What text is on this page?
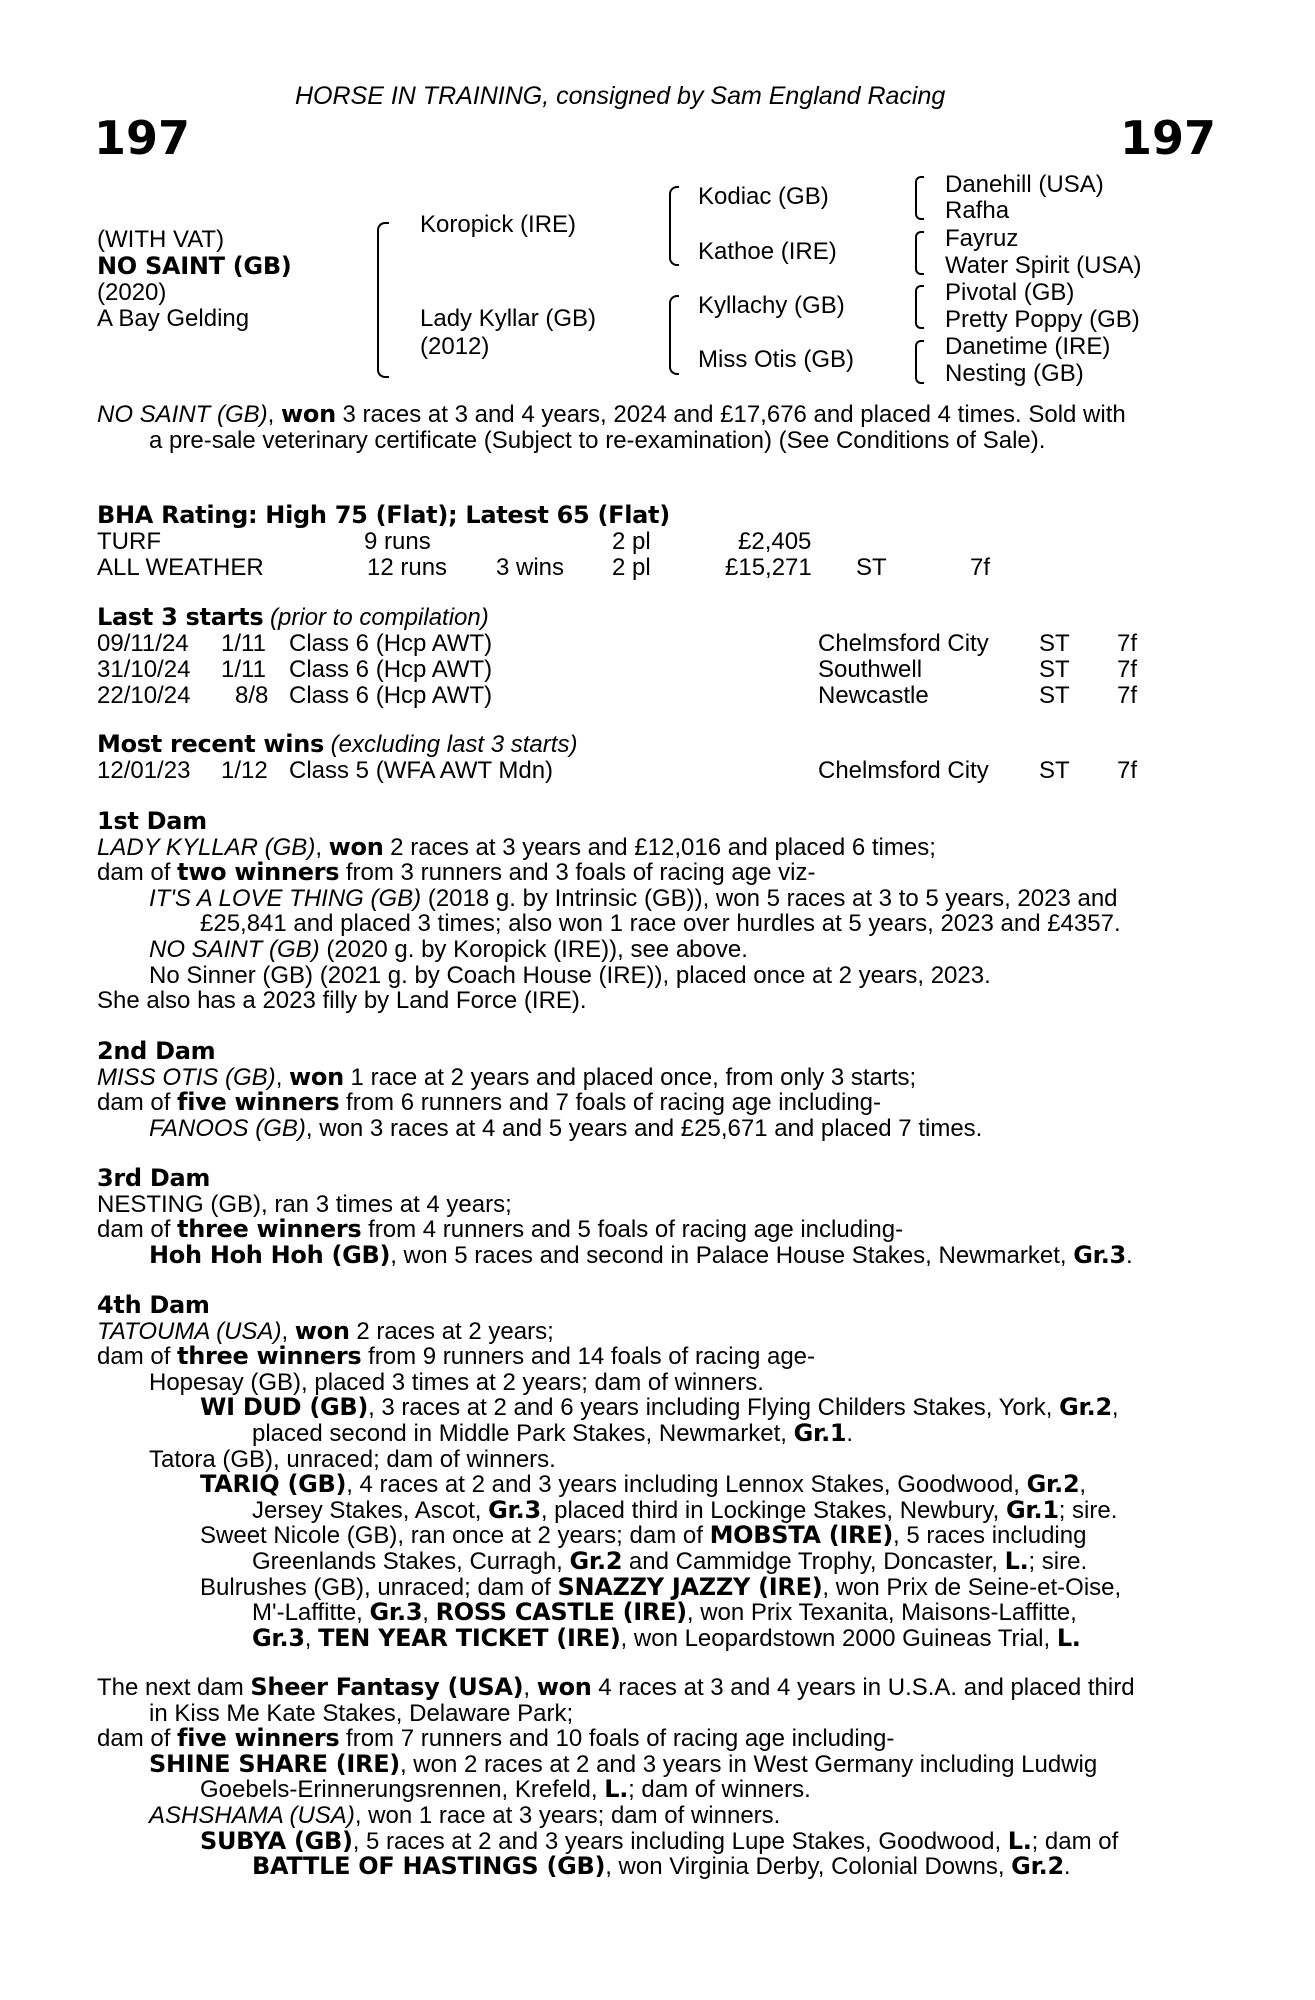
HORSE IN TRAINING, consigned by Sam England Racing
197	197
(WITH VAT)
NO SAINT (GB)
(2020)
A Bay Gelding
Koropick (IRE)
Lady Kyllar (GB)
(2012)
Kodiac (GB)
Kathoe (IRE)
Kyllachy (GB)
Miss Otis (GB)
Danehill (USA)
Rafha
Fayruz
Water Spirit (USA)
Pivotal (GB)
Pretty Poppy (GB)
Danetime (IRE)
Nesting (GB)
NO SAINT (GB), won 3 races at 3 and 4 years, 2024 and £17,676 and placed 4 times. Sold with
a pre-sale veterinary certificate (Subject to re-examination) (See Conditions of Sale).
BHA Rating: High 75 (Flat); Latest 65 (Flat)
TURF	9 runs	2 pl	£2,405
ALL WEATHER	12 runs 3 wins 2 pl	£15,271 ST	7f
Last 3 starts (prior to compilation)
09/11/24 1/11 Class 6 (Hcp AWT)	Chelmsford City ST 7f
31/10/24 1/11 Class 6 (Hcp AWT)	Southwell	ST 7f
22/10/24 8/8 Class 6 (Hcp AWT)	Newcastle	ST 7f
Most recent wins (excluding last 3 starts)
12/01/23 1/12 Class 5 (WFA AWT Mdn)	Chelmsford City ST 7f
1st Dam
LADY KYLLAR (GB), won 2 races at 3 years and £12,016 and placed 6 times;
dam of two winners from 3 runners and 3 foals of racing age viz-
IT'S A LOVE THING (GB) (2018 g. by Intrinsic (GB)), won 5 races at 3 to 5 years, 2023 and
£25,841 and placed 3 times; also won 1 race over hurdles at 5 years, 2023 and £4357.
NO SAINT (GB) (2020 g. by Koropick (IRE)), see above.
No Sinner (GB) (2021 g. by Coach House (IRE)), placed once at 2 years, 2023.
She also has a 2023 filly by Land Force (IRE).
2nd Dam
MISS OTIS (GB), won 1 race at 2 years and placed once, from only 3 starts;
dam of five winners from 6 runners and 7 foals of racing age including-
FANOOS (GB), won 3 races at 4 and 5 years and £25,671 and placed 7 times.
3rd Dam
NESTING (GB), ran 3 times at 4 years;
dam of three winners from 4 runners and 5 foals of racing age including-
Hoh Hoh Hoh (GB), won 5 races and second in Palace House Stakes, Newmarket, Gr.3.
4th Dam
TATOUMA (USA), won 2 races at 2 years;
dam of three winners from 9 runners and 14 foals of racing age-
Hopesay (GB), placed 3 times at 2 years; dam of winners.
WI DUD (GB), 3 races at 2 and 6 years including Flying Childers Stakes, York, Gr.2,
placed second in Middle Park Stakes, Newmarket, Gr.1.
Tatora (GB), unraced; dam of winners.
TARIQ (GB), 4 races at 2 and 3 years including Lennox Stakes, Goodwood, Gr.2,
Jersey Stakes, Ascot, Gr.3, placed third in Lockinge Stakes, Newbury, Gr.1; sire.
Sweet Nicole (GB), ran once at 2 years; dam of MOBSTA (IRE), 5 races including
Greenlands Stakes, Curragh, Gr.2 and Cammidge Trophy, Doncaster, L.; sire.
Bulrushes (GB), unraced; dam of SNAZZY JAZZY (IRE), won Prix de Seine-et-Oise,
M'-Laffitte, Gr.3, ROSS CASTLE (IRE), won Prix Texanita, Maisons-Laffitte,
Gr.3, TEN YEAR TICKET (IRE), won Leopardstown 2000 Guineas Trial, L.
The next dam Sheer Fantasy (USA), won 4 races at 3 and 4 years in U.S.A. and placed third
in Kiss Me Kate Stakes, Delaware Park;
dam of five winners from 7 runners and 10 foals of racing age including-
SHINE SHARE (IRE), won 2 races at 2 and 3 years in West Germany including Ludwig
Goebels-Erinnerungsrennen, Krefeld, L.; dam of winners.
ASHSHAMA (USA), won 1 race at 3 years; dam of winners.
SUBYA (GB), 5 races at 2 and 3 years including Lupe Stakes, Goodwood, L.; dam of
BATTLE OF HASTINGS (GB), won Virginia Derby, Colonial Downs, Gr.2.
